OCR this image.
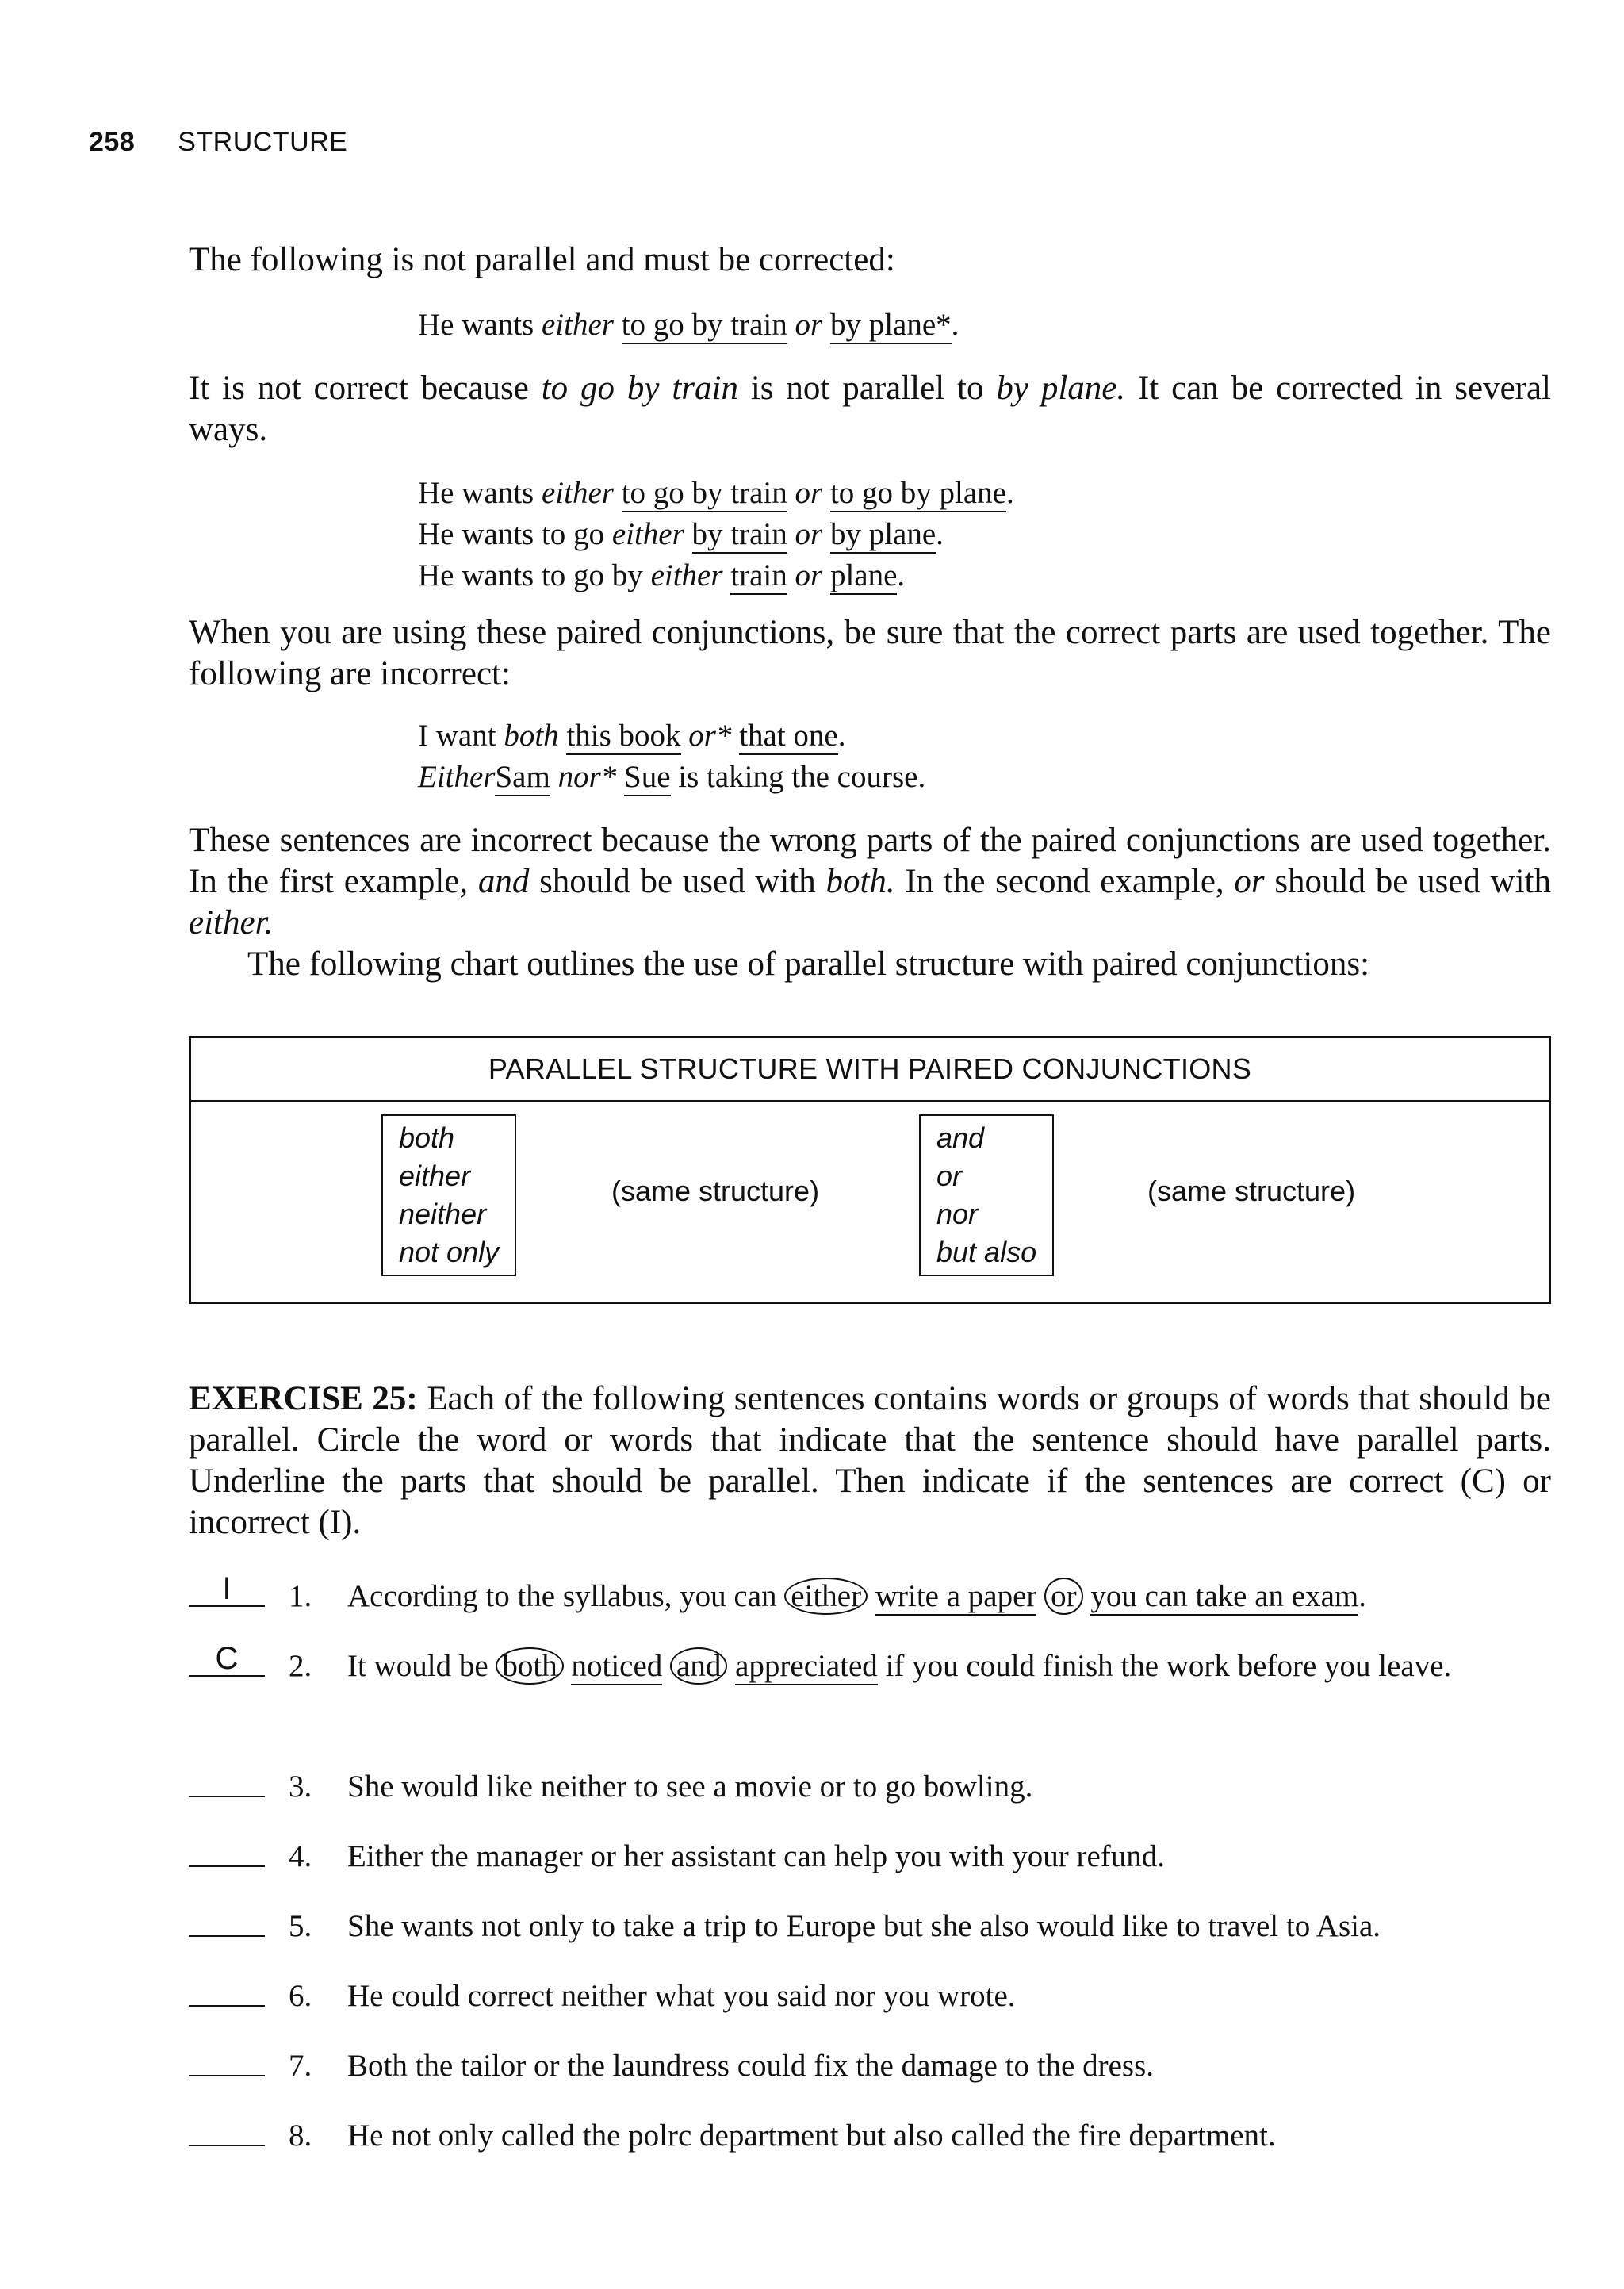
258 STRUCTURE

The following is not parallel and must be corrected:

He wants either to go by train or by plane*.

It is not correct because to go by train is not parallel to by plane. It can be corrected in several ways.

He wants either to go by train or to go by plane.
He wants to go either by train or by plane.
He wants to go by either train or plane.

When you are using these paired conjunctions, be sure that the correct parts are used together. The following are incorrect:

I want both this book or* that one.
EitherSam nor* Sue is taking the course.

These sentences are incorrect because the wrong parts of the paired conjunctions are used together. In the first example, and should be used with both. In the second example, or should be used with either.

The following chart outlines the use of parallel structure with paired conjunctions:

PARALLEL STRUCTURE WITH PAIRED CONJUNCTIONS
both
either
neither
not only
(same structure)
and
or
nor
but also
(same structure)

EXERCISE 25: Each of the following sentences contains words or groups of words that should be parallel. Circle the word or words that indicate that the sentence should have parallel parts. Underline the parts that should be parallel. Then indicate if the sentences are correct (C) or incorrect (I).

I	1. According to the syllabus, you can either write a paper or you can take an exam.
C	2. It would be both noticed and appreciated if you could finish the work before you leave.
3. She would like neither to see a movie or to go bowling.
4. Either the manager or her assistant can help you with your refund.
5. She wants not only to take a trip to Europe but she also would like to travel to Asia.
6. He could correct neither what you said nor you wrote.
7. Both the tailor or the laundress could fix the damage to the dress.
8. He not only called the polrc department but also called the fire department.
